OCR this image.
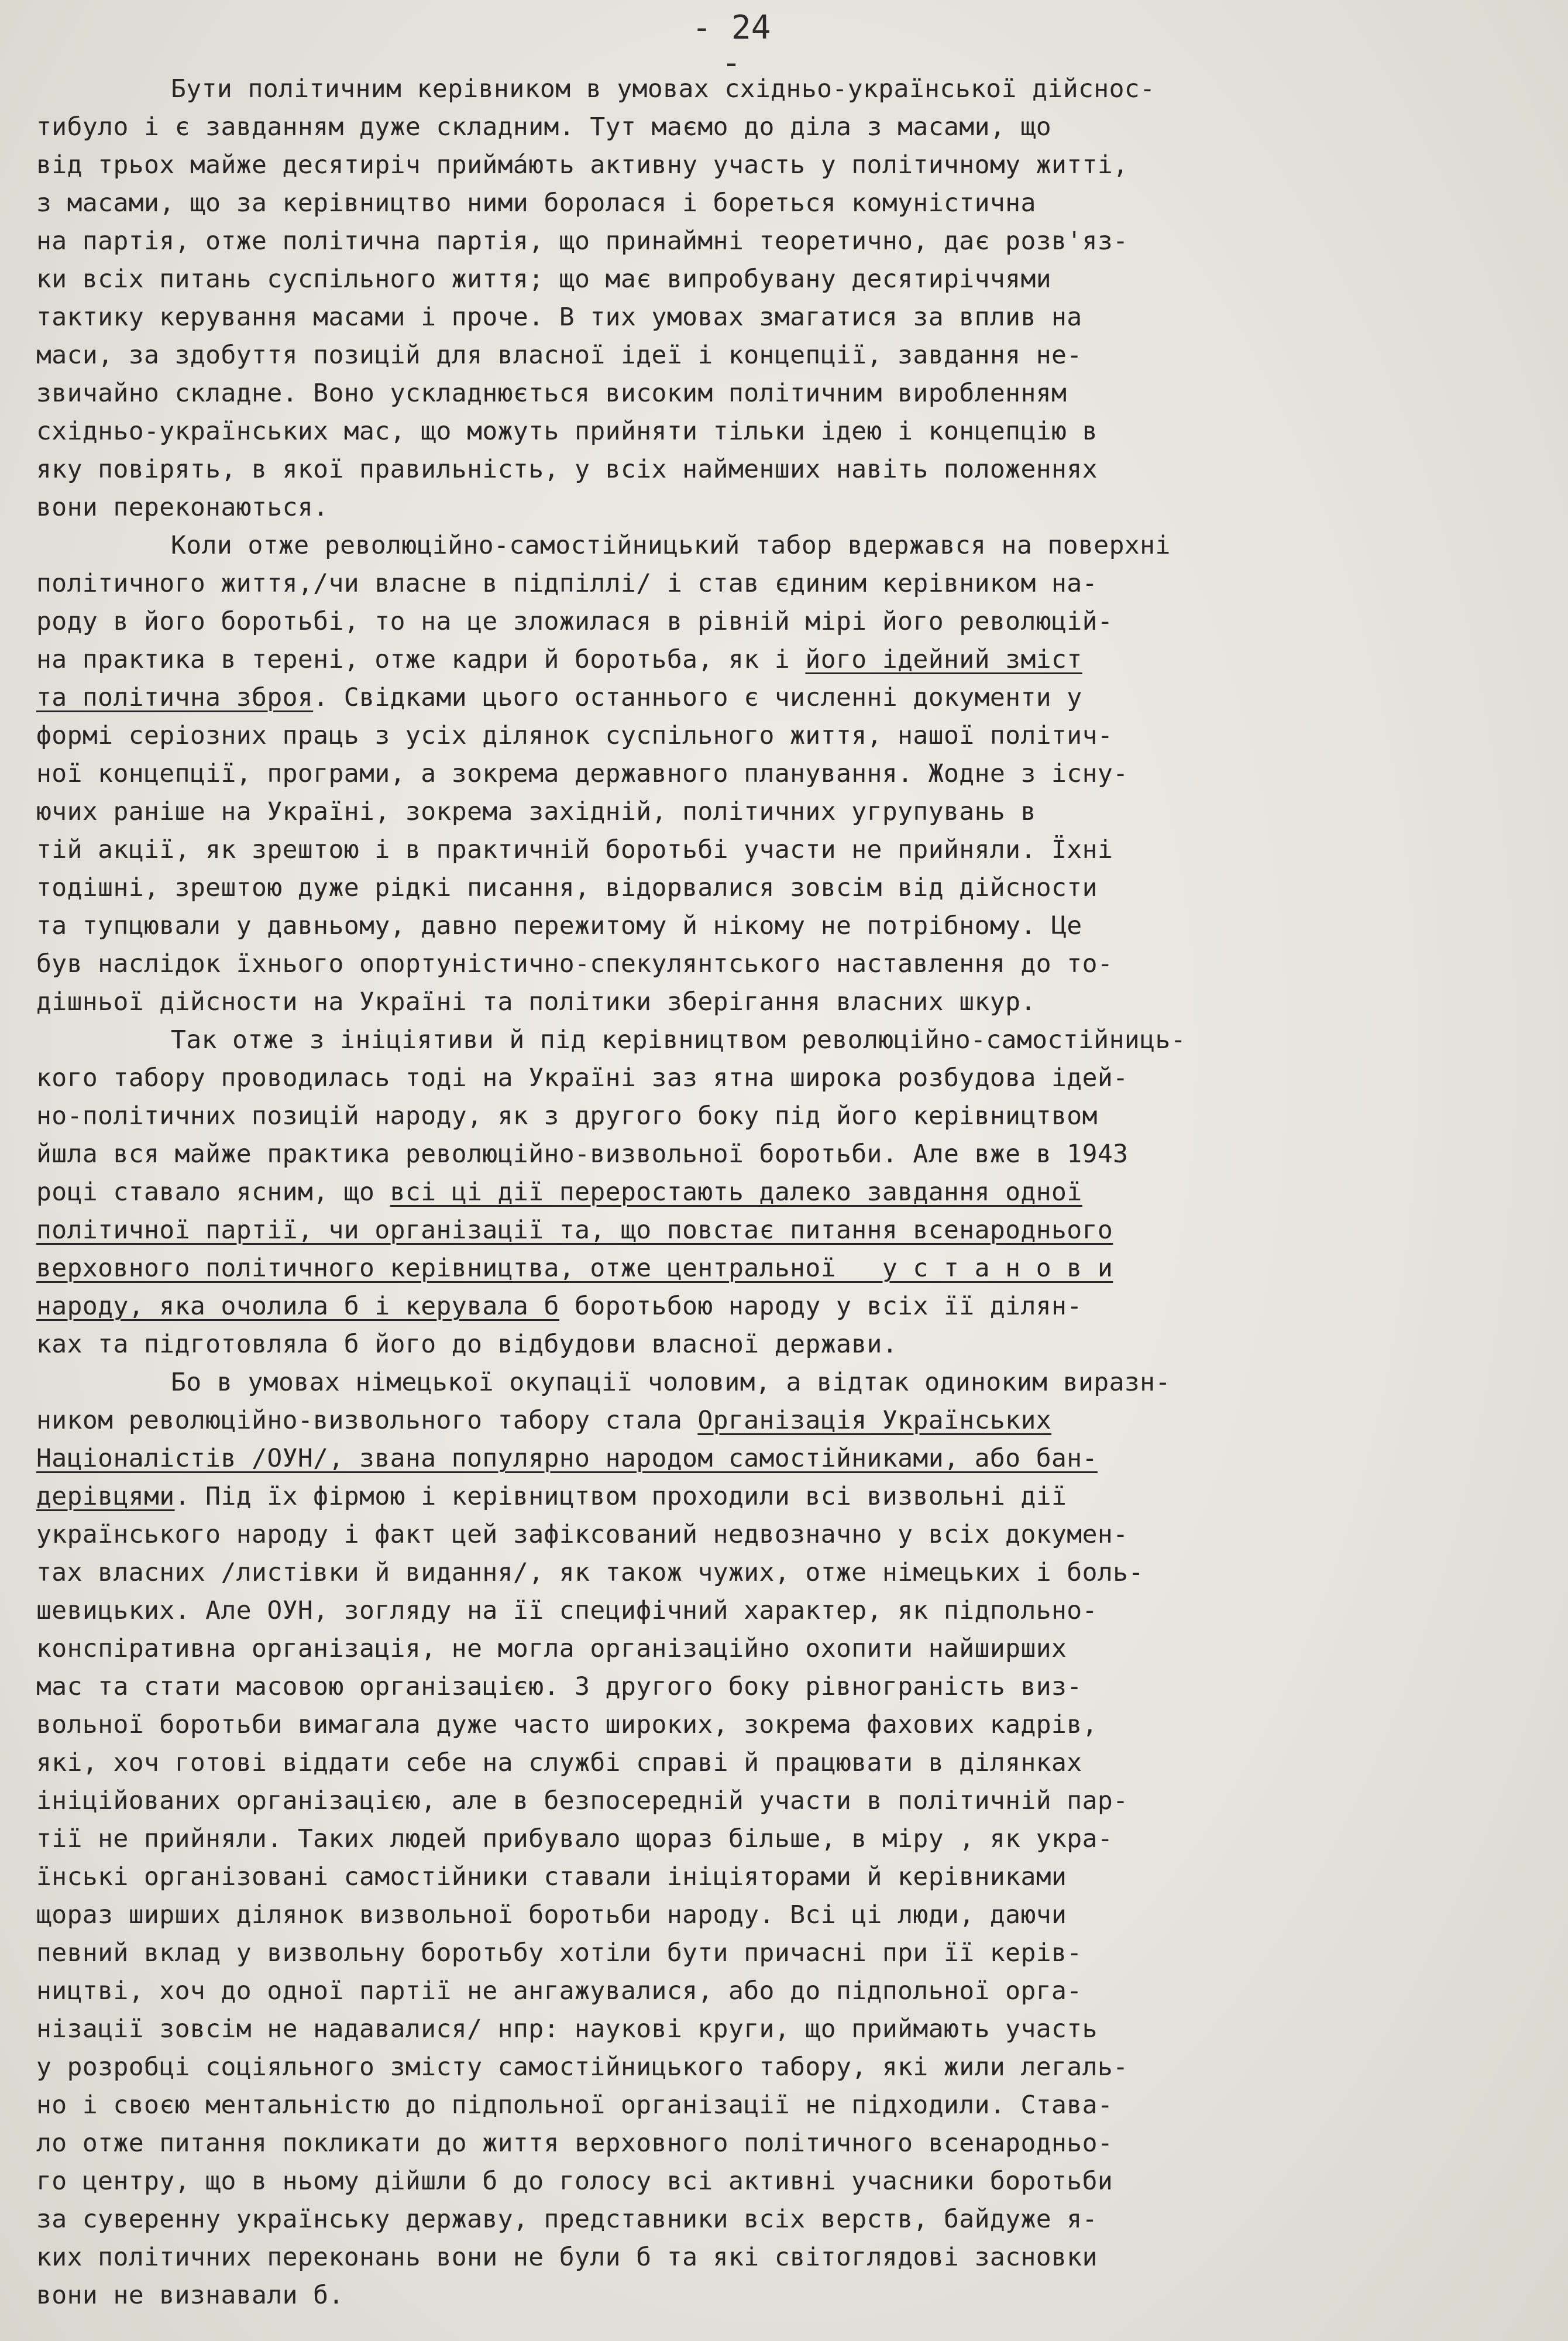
- 24 -
Бути політичним керівником в умовах східньо-української дійснос-
тибуло і є завданням дуже складним. Тут маємо до діла з масами, що
від трьох майже десятиріч прийма́ють активну участь у політичному житті,
з масами, що за керівництво ними боролася і бореться комуністична
на партія, отже політична партія, що принаймні теоретично, дає розв'яз-
ки всіх питань суспільного життя; що має випробувану десятиріччями
тактику керування масами і проче. В тих умовах змагатися за вплив на
маси, за здобуття позицій для власної ідеї і концепції, завдання не-
звичайно складне. Воно ускладнюється високим політичним виробленням
східньо-українських мас, що можуть прийняти тільки ідею і концепцію в
яку повірять, в якої правильність, у всіх найменших навіть положеннях
вони переконаються.
Коли отже революційно-самостійницький табор вдержався на поверхні
політичного життя,/чи власне в підпіллі/ і став єдиним керівником на-
роду в його боротьбі, то на це зложилася в рівній мірі його революцій-
на практика в терені, отже кадри й боротьба, як і його ідейний зміст
та політична зброя. Свідками цього останнього є численні документи у
формі серіозних праць з усіх ділянок суспільного життя, нашої політич-
ної концепції, програми, а зокрема державного планування. Жодне з існу-
ючих раніше на Україні, зокрема західній, політичних угрупувань в
тій акції, як зрештою і в практичній боротьбі участи не прийняли. Їхні
тодішні, зрештою дуже рідкі писання, відорвалися зовсім від дійсности
та тупцювали у давньому, давно пережитому й нікому не потрібному. Це
був наслідок їхнього опортуністично-спекулянтського наставлення до то-
дішньої дійсности на Україні та політики зберігання власних шкур.
Так отже з ініціятиви й під керівництвом революційно-самостійниць-
кого табору проводилась тоді на Україні заз ятна широка розбудова ідей-
но-політичних позицій народу, як з другого боку під його керівництвом
йшла вся майже практика революційно-визвольної боротьби. Але вже в 1943
році ставало ясним, що всі ці дії переростають далеко завдання одної
політичної партії, чи організації та, що повстає питання всенароднього
верховного політичного керівництва, отже центральної   у с т а н о в и
народу, яка очолила б і керувала б боротьбою народу у всіх її ділян-
ках та підготовляла б його до відбудови власної держави.
Бо в умовах німецької окупації чоловим, а відтак одиноким виразн-
ником революційно-визвольного табору стала Організація Українських
Націоналістів /ОУН/, звана популярно народом самостійниками, або бан-
дерівцями. Під їх фірмою і керівництвом проходили всі визвольні дії
українського народу і факт цей зафіксований недвозначно у всіх докумен-
тах власних /листівки й видання/, як також чужих, отже німецьких і боль-
шевицьких. Але ОУН, зогляду на її специфічний характер, як підпольно-
конспіративна організація, не могла організаційно охопити найширших
мас та стати масовою організацією. З другого боку рівнограність виз-
вольної боротьби вимагала дуже часто широких, зокрема фахових кадрів,
які, хоч готові віддати себе на службі справі й працювати в ділянках
ініційованих організацією, але в безпосередній участи в політичній пар-
тії не прийняли. Таких людей прибувало щораз більше, в міру , як укра-
їнські організовані самостійники ставали ініціяторами й керівниками
щораз ширших ділянок визвольної боротьби народу. Всі ці люди, даючи
певний вклад у визвольну боротьбу хотіли бути причасні при її керів-
ництві, хоч до одної партії не ангажувалися, або до підпольної орга-
нізації зовсім не надавалися/ нпр: наукові круги, що приймають участь
у розробці соціяльного змісту самостійницького табору, які жили легаль-
но і своєю ментальністю до підпольної організації не підходили. Става-
ло отже питання покликати до життя верховного політичного всенародньо-
го центру, що в ньому дійшли б до голосу всі активні учасники боротьби
за суверенну українську державу, представники всіх верств, байдуже я-
ких політичних переконань вони не були б та які світоглядові засновки
вони не визнавали б.
